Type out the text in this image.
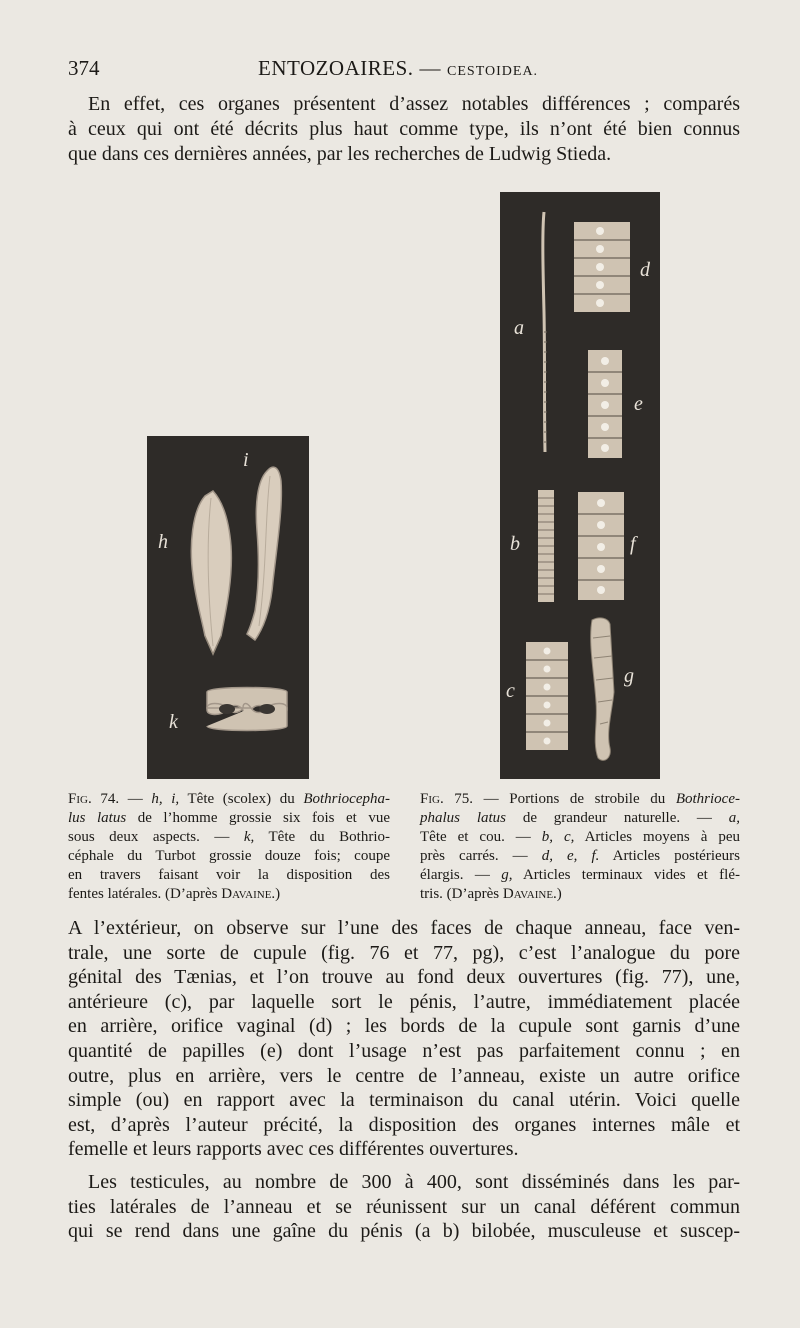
374	ENTOZOAIRES. — CESTOIDEA.

En effet, ces organes présentent d’assez notables différences ; comparés
à ceux qui ont été décrits plus haut comme type, ils n’ont été bien connus
que dans ces dernières années, par les recherches de Ludwig Stieda.

h
i
k
a
d
e
b	f
c
g

Fig. 74. — h, i, Tête (scolex) du Bothriocepha-
lus latus de l’homme grossie six fois et vue
sous deux aspects. — k, Tête du Bothrio-
céphale du Turbot grossie douze fois; coupe
en travers faisant voir la disposition des
fentes latérales. (D’après Davaine.)

Fig. 75. — Portions de strobile du Bothrioce-
phalus latus de grandeur naturelle. — a,
Tête et cou. — b, c, Articles moyens à peu
près carrés. — d, e, f. Articles postérieurs
élargis. — g, Articles terminaux vides et flé-
tris. (D’après Davaine.)

A l’extérieur, on observe sur l’une des faces de chaque anneau, face ven-
trale, une sorte de cupule (fig. 76 et 77, pg), c’est l’analogue du pore
génital des Tænias, et l’on trouve au fond deux ouvertures (fig. 77), une,
antérieure (c), par laquelle sort le pénis, l’autre, immédiatement placée
en arrière, orifice vaginal (d) ; les bords de la cupule sont garnis d’une
quantité de papilles (e) dont l’usage n’est pas parfaitement connu ; en
outre, plus en arrière, vers le centre de l’anneau, existe un autre orifice
simple (ou) en rapport avec la terminaison du canal utérin. Voici quelle
est, d’après l’auteur précité, la disposition des organes internes mâle et
femelle et leurs rapports avec ces différentes ouvertures.

Les testicules, au nombre de 300 à 400, sont disséminés dans les par-
ties latérales de l’anneau et se réunissent sur un canal déférent commun
qui se rend dans une gaîne du pénis (a b) bilobée, musculeuse et suscep-
